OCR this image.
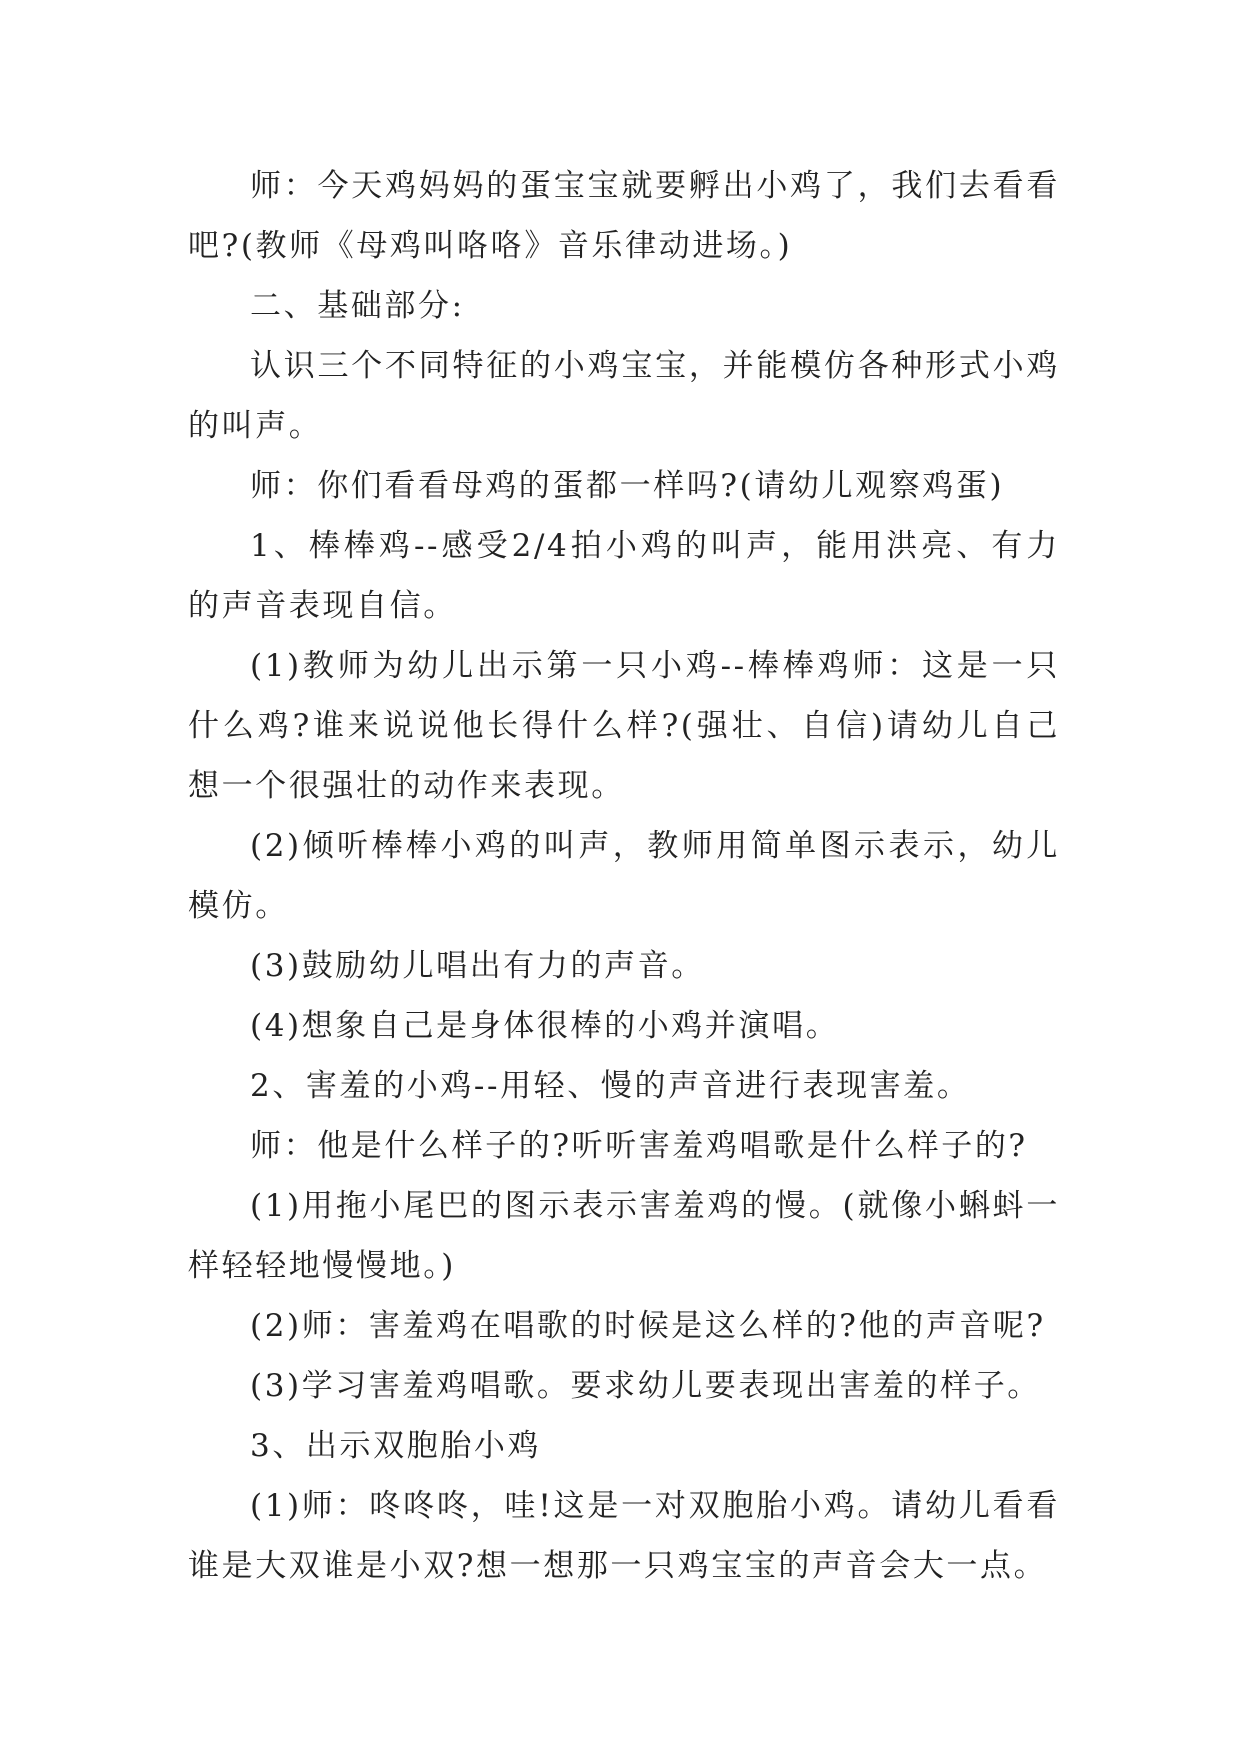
师：今天鸡妈妈的蛋宝宝就要孵出小鸡了，我们去看看吧?(教师《母鸡叫咯咯》音乐律动进场。)

二、基础部分:

认识三个不同特征的小鸡宝宝，并能模仿各种形式小鸡的叫声。

师：你们看看母鸡的蛋都一样吗?(请幼儿观察鸡蛋)

1、棒棒鸡--感受2/4拍小鸡的叫声，能用洪亮、有力的声音表现自信。

(1)教师为幼儿出示第一只小鸡--棒棒鸡师：这是一只什么鸡?谁来说说他长得什么样?(强壮、自信)请幼儿自己想一个很强壮的动作来表现。

(2)倾听棒棒小鸡的叫声，教师用简单图示表示，幼儿模仿。

(3)鼓励幼儿唱出有力的声音。

(4)想象自己是身体很棒的小鸡并演唱。

2、害羞的小鸡--用轻、慢的声音进行表现害羞。

师：他是什么样子的?听听害羞鸡唱歌是什么样子的?

(1)用拖小尾巴的图示表示害羞鸡的慢。(就像小蝌蚪一样轻轻地慢慢地。)

(2)师：害羞鸡在唱歌的时候是这么样的?他的声音呢?

(3)学习害羞鸡唱歌。要求幼儿要表现出害羞的样子。

3、出示双胞胎小鸡

(1)师：咚咚咚，哇!这是一对双胞胎小鸡。请幼儿看看谁是大双谁是小双?想一想那一只鸡宝宝的声音会大一点。
